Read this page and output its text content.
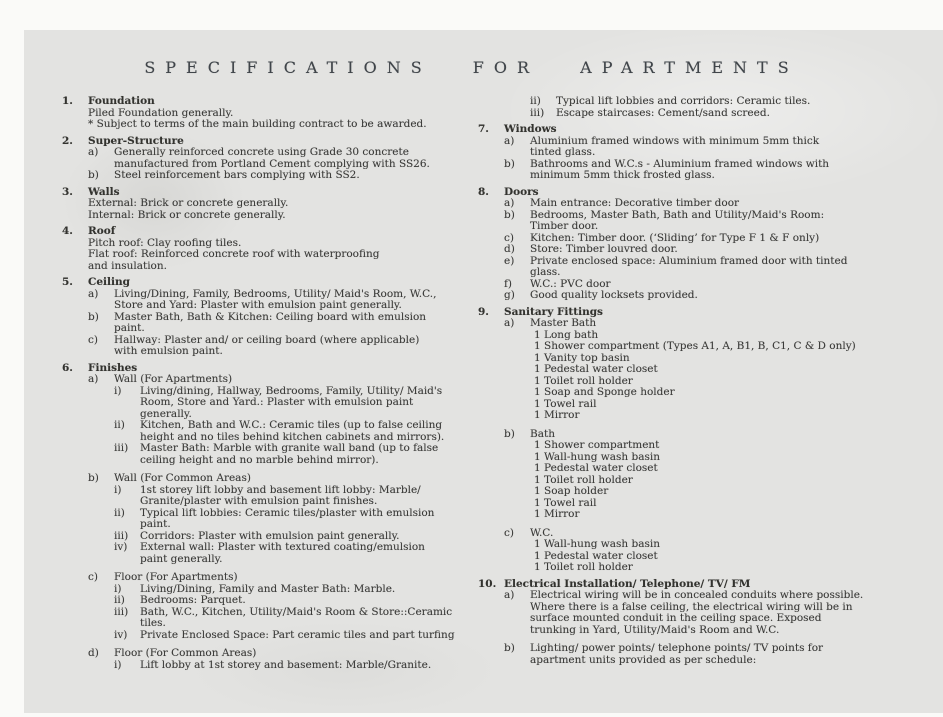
SPECIFICATIONS FOR APARTMENTS
1. Foundation
Piled Foundation generally.
* Subject to terms of the main building contract to be awarded.
2. Super-Structure
a) Generally reinforced concrete using Grade 30 concrete
manufactured from Portland Cement complying with SS26.
b) Steel reinforcement bars complying with SS2.
3. Walls
External: Brick or concrete generally.
Internal: Brick or concrete generally.
4. Roof
Pitch roof: Clay roofing tiles.
Flat roof: Reinforced concrete roof with waterproofing
and insulation.
5. Ceiling
a) Living/Dining, Family, Bedrooms, Utility/ Maid's Room, W.C.,
Store and Yard: Plaster with emulsion paint generally.
b) Master Bath, Bath & Kitchen: Ceiling board with emulsion
paint.
c) Hallway: Plaster and/ or ceiling board (where applicable)
with emulsion paint.
6. Finishes
a) Wall (For Apartments)
i) Living/dining, Hallway, Bedrooms, Family, Utility/ Maid's
Room, Store and Yard.: Plaster with emulsion paint
generally.
ii) Kitchen, Bath and W.C.: Ceramic tiles (up to false ceiling
height and no tiles behind kitchen cabinets and mirrors).
iii) Master Bath: Marble with granite wall band (up to false
ceiling height and no marble behind mirror).
b) Wall (For Common Areas)
i) 1st storey lift lobby and basement lift lobby: Marble/
Granite/plaster with emulsion paint finishes.
ii) Typical lift lobbies: Ceramic tiles/plaster with emulsion
paint.
iii) Corridors: Plaster with emulsion paint generally.
iv) External wall: Plaster with textured coating/emulsion
paint generally.
c) Floor (For Apartments)
i) Living/Dining, Family and Master Bath: Marble.
ii) Bedrooms: Parquet.
iii) Bath, W.C., Kitchen, Utility/Maid's Room & Store::Ceramic
tiles.
iv) Private Enclosed Space: Part ceramic tiles and part turfing
d) Floor (For Common Areas)
i) Lift lobby at 1st storey and basement: Marble/Granite.
ii) Typical lift lobbies and corridors: Ceramic tiles.
iii) Escape staircases: Cement/sand screed.
7. Windows
a) Aluminium framed windows with minimum 5mm thick
tinted glass.
b) Bathrooms and W.C.s - Aluminium framed windows with
minimum 5mm thick frosted glass.
8. Doors
a) Main entrance: Decorative timber door
b) Bedrooms, Master Bath, Bath and Utility/Maid's Room:
Timber door.
c) Kitchen: Timber door. (‘Sliding’ for Type F 1 & F only)
d) Store: Timber louvred door.
e) Private enclosed space: Aluminium framed door with tinted
glass.
f) W.C.: PVC door
g) Good quality locksets provided.
9. Sanitary Fittings
a) Master Bath
1 Long bath
1 Shower compartment (Types A1, A, B1, B, C1, C & D only)
1 Vanity top basin
1 Pedestal water closet
1 Toilet roll holder
1 Soap and Sponge holder
1 Towel rail
1 Mirror
b) Bath
1 Shower compartment
1 Wall-hung wash basin
1 Pedestal water closet
1 Toilet roll holder
1 Soap holder
1 Towel rail
1 Mirror
c) W.C.
1 Wall-hung wash basin
1 Pedestal water closet
1 Toilet roll holder
10. Electrical Installation/ Telephone/ TV/ FM
a) Electrical wiring will be in concealed conduits where possible.
Where there is a false ceiling, the electrical wiring will be in
surface mounted conduit in the ceiling space. Exposed
trunking in Yard, Utility/Maid's Room and W.C.
b) Lighting/ power points/ telephone points/ TV points for
apartment units provided as per schedule:
